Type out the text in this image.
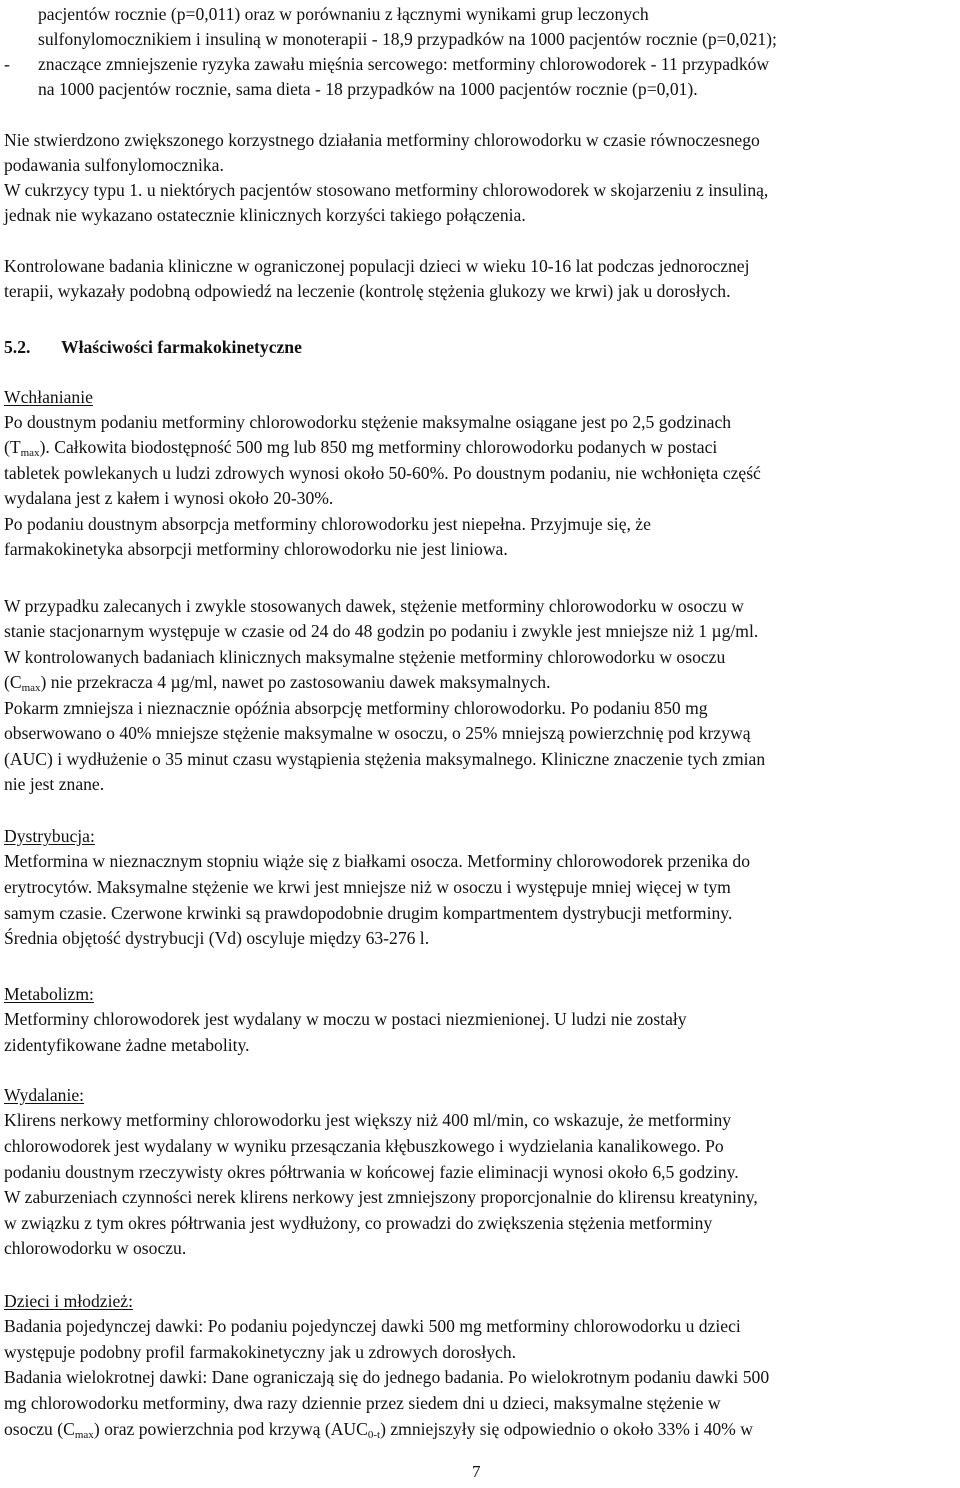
pacjentów rocznie (p=0,011) oraz w porównaniu z łącznymi wynikami grup leczonych
sulfonylomocznikiem i insuliną w monoterapii - 18,9 przypadków na 1000 pacjentów rocznie (p=0,021);
- znaczące zmniejszenie ryzyka zawału mięśnia sercowego: metforminy chlorowodorek - 11 przypadków
na 1000 pacjentów rocznie, sama dieta - 18 przypadków na 1000 pacjentów rocznie (p=0,01).
Nie stwierdzono zwiększonego korzystnego działania metforminy chlorowodorku w czasie równoczesnego
podawania sulfonylomocznika.
W cukrzycy typu 1. u niektórych pacjentów stosowano metforminy chlorowodorek w skojarzeniu z insuliną,
jednak nie wykazano ostatecznie klinicznych korzyści takiego połączenia.
Kontrolowane badania kliniczne w ograniczonej populacji dzieci w wieku 10-16 lat podczas jednorocznej
terapii, wykazały podobną odpowiedź na leczenie (kontrolę stężenia glukozy we krwi) jak u dorosłych.
5.2. Właściwości farmakokinetyczne
Wchłanianie
Po doustnym podaniu metforminy chlorowodorku stężenie maksymalne osiągane jest po 2,5 godzinach
$(T_{max})$. Całkowita biodostępność 500 mg lub 850 mg metforminy chlorowodorku podanych w postaci
tabletek powlekanych u ludzi zdrowych wynosi około 50-60%. Po doustnym podaniu, nie wchłonięta część
wydalana jest z kałem i wynosi około 20-30%.
Po podaniu doustnym absorpcja metforminy chlorowodorku jest niepełna. Przyjmuje się, że
farmakokinetyka absorpcji metforminy chlorowodorku nie jest liniowa.
W przypadku zalecanych i zwykle stosowanych dawek, stężenie metforminy chlorowodorku w osoczu w
stanie stacjonarnym występuje w czasie od 24 do 48 godzin po podaniu i zwykle jest mniejsze niż 1 µg/ml.
W kontrolowanych badaniach klinicznych maksymalne stężenie metforminy chlorowodorku w osoczu
$(C_{max})$ nie przekracza 4 µg/ml, nawet po zastosowaniu dawek maksymalnych.
Pokarm zmniejsza i nieznacznie opóźnia absorpcję metforminy chlorowodorku. Po podaniu 850 mg
obserwowano o 40% mniejsze stężenie maksymalne w osoczu, o 25% mniejszą powierzchnię pod krzywą
(AUC) i wydłużenie o 35 minut czasu wystąpienia stężenia maksymalnego. Kliniczne znaczenie tych zmian
nie jest znane.
Dystrybucja:
Metformina w nieznacznym stopniu wiąże się z białkami osocza. Metforminy chlorowodorek przenika do
erytrocytów. Maksymalne stężenie we krwi jest mniejsze niż w osoczu i występuje mniej więcej w tym
samym czasie. Czerwone krwinki są prawdopodobnie drugim kompartmentem dystrybucji metforminy.
Średnia objętość dystrybucji (Vd) oscyluje między 63-276 l.
Metabolizm:
Metforminy chlorowodorek jest wydalany w moczu w postaci niezmienionej. U ludzi nie zostały
zidentyfikowane żadne metabolity.
Wydalanie:
Klirens nerkowy metforminy chlorowodorku jest większy niż 400 ml/min, co wskazuje, że metforminy
chlorowodorek jest wydalany w wyniku przesączania kłębuszkowego i wydzielania kanalikowego. Po
podaniu doustnym rzeczywisty okres półtrwania w końcowej fazie eliminacji wynosi około 6,5 godziny.
W zaburzeniach czynności nerek klirens nerkowy jest zmniejszony proporcjonalnie do klirensu kreatyniny,
w związku z tym okres półtrwania jest wydłużony, co prowadzi do zwiększenia stężenia metforminy
chlorowodorku w osoczu.
Dzieci i młodzież:
Badania pojedynczej dawki: Po podaniu pojedynczej dawki 500 mg metforminy chlorowodorku u dzieci
występuje podobny profil farmakokinetyczny jak u zdrowych dorosłych.
Badania wielokrotnej dawki: Dane ograniczają się do jednego badania. Po wielokrotnym podaniu dawki 500
mg chlorowodorku metforminy, dwa razy dziennie przez siedem dni u dzieci, maksymalne stężenie w
osoczu $(C_{max})$ oraz powierzchnia pod krzywą $(AUC_{0-t})$ zmniejszyły się odpowiednio o około 33% i 40% w
7
